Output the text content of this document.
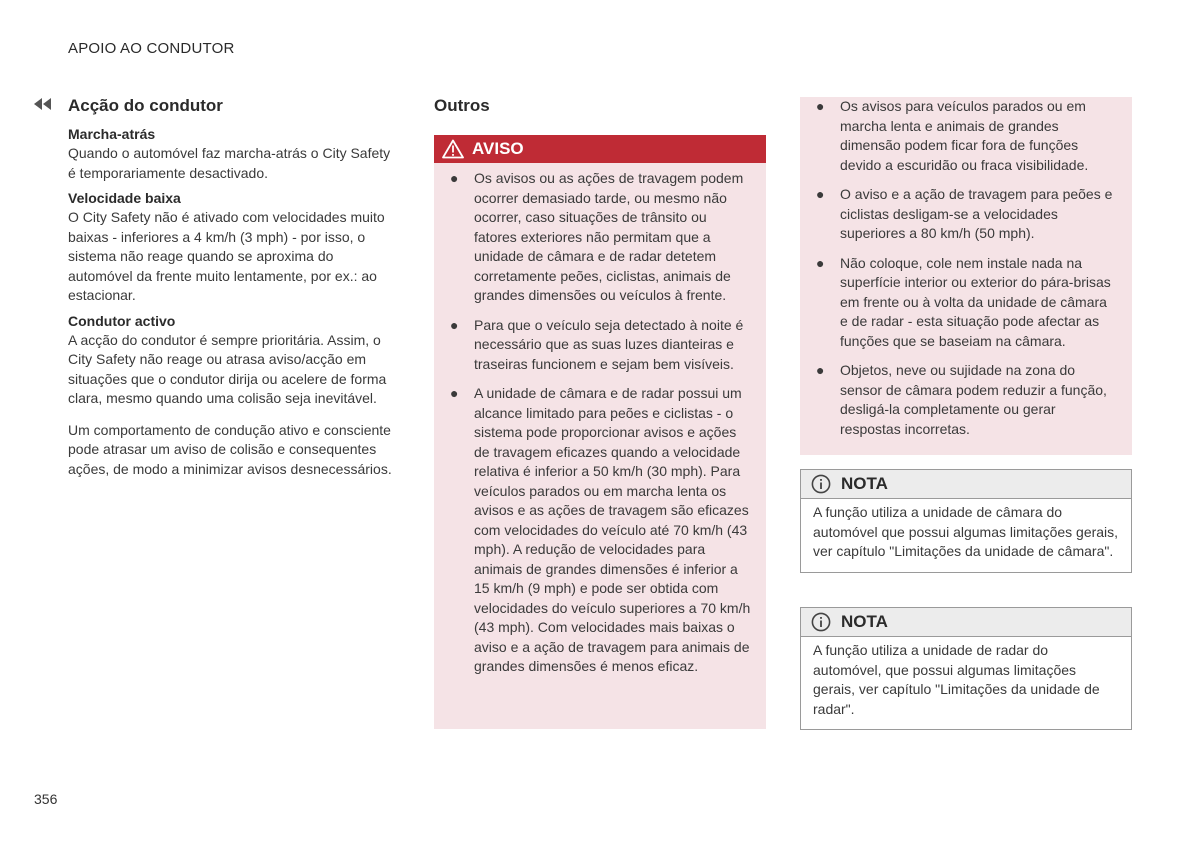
APOIO AO CONDUTOR
Acção do condutor
Marcha-atrás

Quando o automóvel faz marcha-atrás o City Safety é temporariamente desactivado.

Velocidade baixa

O City Safety não é ativado com velocidades muito baixas - inferiores a 4 km/h (3 mph) - por isso, o sistema não reage quando se aproxima do automóvel da frente muito lentamente, por ex.: ao estacionar.

Condutor activo

A acção do condutor é sempre prioritária. Assim, o City Safety não reage ou atrasa aviso/acção em situações que o condutor dirija ou acelere de forma clara, mesmo quando uma colisão seja inevitável.

Um comportamento de condução ativo e consciente pode atrasar um aviso de colisão e consequentes ações, de modo a minimizar avisos desnecessários.

Outros
AVISO
● Os avisos ou as ações de travagem podem ocorrer demasiado tarde, ou mesmo não ocorrer, caso situações de trânsito ou fatores exteriores não permitam que a unidade de câmara e de radar detetem corretamente peões, ciclistas, animais de grandes dimensões ou veículos à frente.
● Para que o veículo seja detectado à noite é necessário que as suas luzes dianteiras e traseiras funcionem e sejam bem visíveis.
● A unidade de câmara e de radar possui um alcance limitado para peões e ciclistas - o sistema pode proporcionar avisos e ações de travagem eficazes quando a velocidade relativa é inferior a 50 km/h (30 mph). Para veículos parados ou em marcha lenta os avisos e as ações de travagem são eficazes com velocidades do veículo até 70 km/h (43 mph). A redução de velocidades para animais de grandes dimensões é inferior a 15 km/h (9 mph) e pode ser obtida com velocidades do veículo superiores a 70 km/h (43 mph). Com velocidades mais baixas o aviso e a ação de travagem para animais de grandes dimensões é menos eficaz.
● Os avisos para veículos parados ou em marcha lenta e animais de grandes dimensão podem ficar fora de funções devido a escuridão ou fraca visibilidade.
● O aviso e a ação de travagem para peões e ciclistas desligam-se a velocidades superiores a 80 km/h (50 mph).
● Não coloque, cole nem instale nada na superfície interior ou exterior do pára-brisas em frente ou à volta da unidade de câmara e de radar - esta situação pode afectar as funções que se baseiam na câmara.
● Objetos, neve ou sujidade na zona do sensor de câmara podem reduzir a função, desligá-la completamente ou gerar respostas incorretas.
NOTA
A função utiliza a unidade de câmara do automóvel que possui algumas limitações gerais, ver capítulo "Limitações da unidade de câmara".
NOTA
A função utiliza a unidade de radar do automóvel, que possui algumas limitações gerais, ver capítulo "Limitações da unidade de radar".
356
